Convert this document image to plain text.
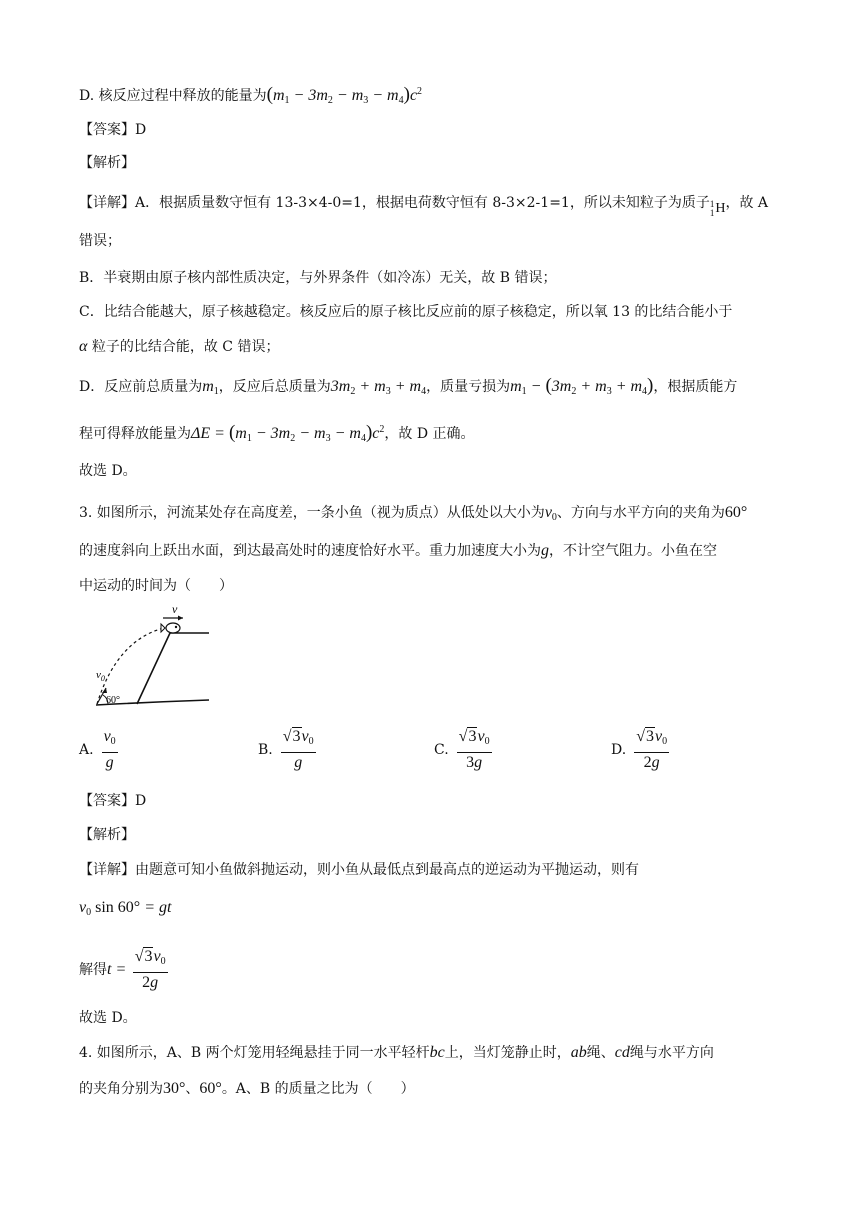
D. 核反应过程中释放的能量为$(m_1 - 3m_2 - m_3 - m_4)c^2$
【答案】D
【解析】
【详解】A．根据质量数守恒有 13-3×4-0=1，根据电荷数守恒有 8-3×2-1=1，所以未知粒子为质子 1
1 H ，故 A
错误；
B．半衰期由原子核内部性质决定，与外界条件（如冷冻）无关，故 B 错误；
C．比结合能越大，原子核越稳定。核反应后的原子核比反应前的原子核稳定，所以氧 13 的比结合能小于
α 粒子的比结合能，故 C 错误；
D．反应前总质量为$m_1$，反应后总质量为$3m_2 + m_3 + m_4$，质量亏损为$m_1 - (3m_2 + m_3 + m_4)$，根据质能方
程可得释放能量为$\Delta E = (m_1 - 3m_2 - m_3 - m_4)c^2$，故 D 正确。
故选 D。
3. 如图所示，河流某处存在高度差，一条小鱼（视为质点）从低处以大小为$v_0$、方向与水平方向的夹角为60°
的速度斜向上跃出水面，到达最高处时的速度恰好水平。重力加速度大小为g，不计空气阻力。小鱼在空
中运动的时间为（　　）
v
$v_0$
60°
A. $\frac{v_0}{g}$	B. $\frac{√3v_0}{g}$	C. $\frac{√3v_0}{3g}$	D. $\frac{√3v_0}{2g}$
【答案】D
【解析】
【详解】由题意可知小鱼做斜抛运动，则小鱼从最低点到最高点的逆运动为平抛运动，则有
$v_0$ sin 60° = gt
解得$t = \frac{√3v_0}{2g}$
故选 D。
4. 如图所示，A、B 两个灯笼用轻绳悬挂于同一水平轻杆bc上，当灯笼静止时，ab绳、cd绳与水平方向
的夹角分别为30°、60°。A、B 的质量之比为（　　）
